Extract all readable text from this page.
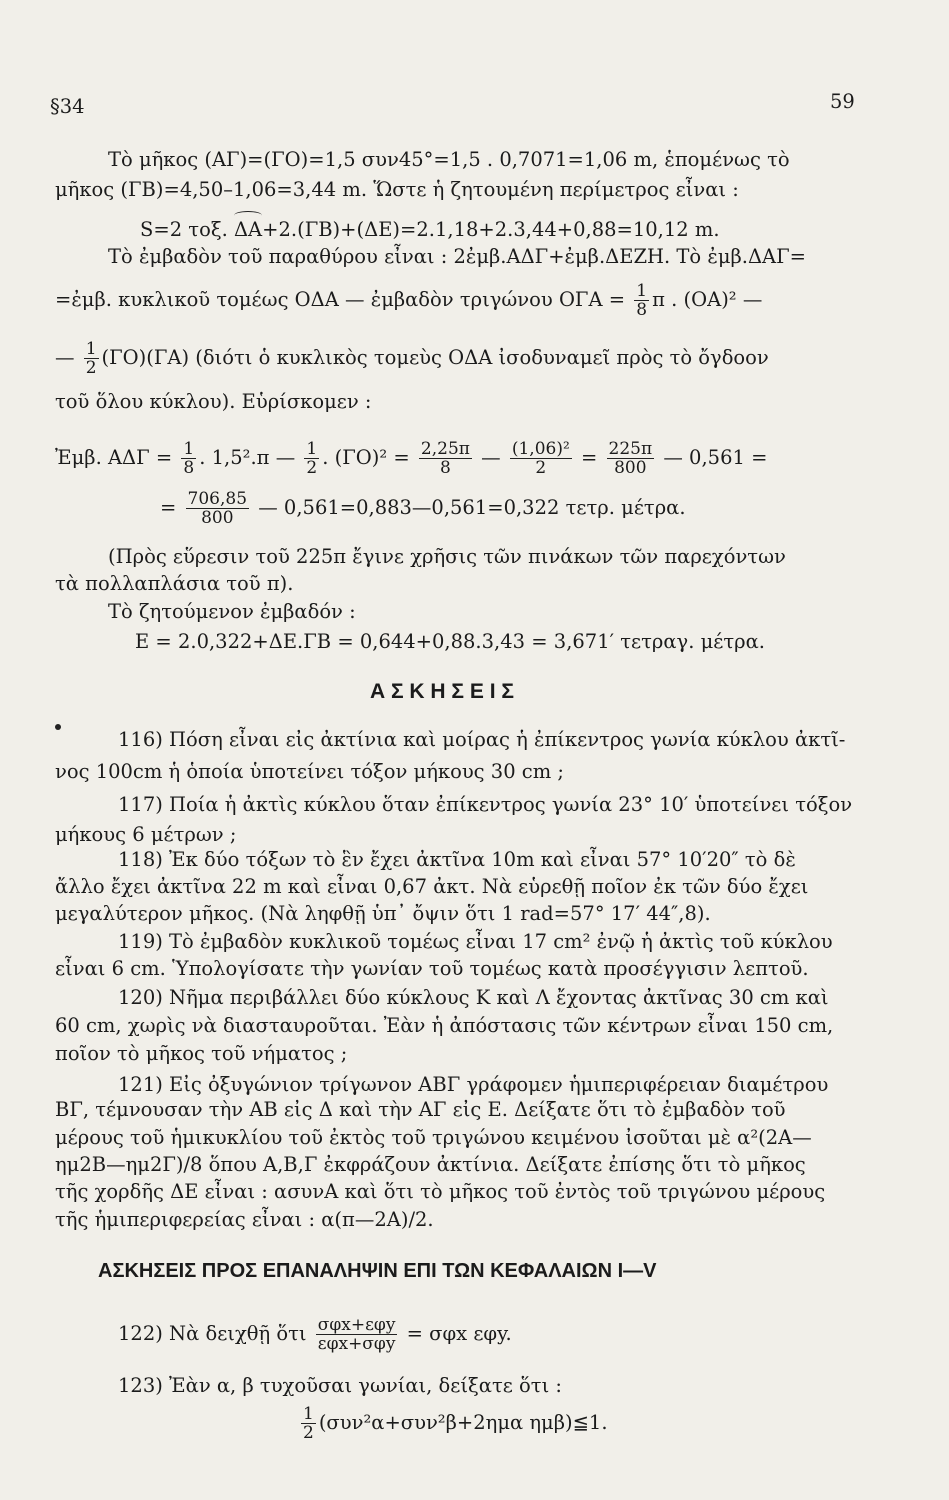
§34	59
Τὸ μῆκος (ΑΓ)=(ΓΟ)=1,5 συν45°=1,5 . 0,7071=1,06 m, ἑπομένως τὸ
μῆκος (ΓΒ)=4,50–1,06=3,44 m. Ὥστε ἡ ζητουμένη περίμετρος εἶναι :
S=2 τοξ. ΔΑ+2.(ΓΒ)+(ΔΕ)=2.1,18+2.3,44+0,88=10,12 m.
Τὸ ἐμβαδὸν τοῦ παραθύρου εἶναι : 2ἐμβ.ΑΔΓ+ἐμβ.ΔΕΖΗ. Τὸ ἐμβ.ΔΑΓ=
=ἐμβ. κυκλικοῦ τομέως ΟΔΑ — ἐμβαδὸν τριγώνου $O\Gamma A = \frac{1}{8}$ π . (ΟΑ)² —
— $\frac{1}{2} (\Gamma O)(\Gamma A)$ (διότι ὁ κυκλικὸς τομεὺς ΟΔΑ ἰσοδυναμεῖ πρὸς τὸ ὄγδοον
τοῦ ὅλου κύκλου). Εὑρίσκομεν :
Ἐμβ. $A\Delta\Gamma = \frac{1}{8}$ . 1,5².π — $\frac{1}{2}$ . $(\Gamma O)^2 = \frac{2,25\pi}{8}$ — $\frac{\text{(1,06)²}}{2} = \frac{225\pi}{800}$ — 0,561 =
= $\frac{706,85}{800}$ — 0,561=0,883—0,561=0,322 τετρ. μέτρα.
(Πρὸς εὕρεσιν τοῦ 225π ἔγινε χρῆσις τῶν πινάκων τῶν παρεχόντων
τὰ πολλαπλάσια τοῦ π).
Τὸ ζητούμενον ἐμβαδόν :
E = 2.0,322+ΔΕ.ΓΒ = 0,644+0,88.3,43 = 3,671′ τετραγ. μέτρα.
Α Σ Κ Η Σ Ε Ι Σ
116) Πόση εἶναι εἰς ἀκτίνια καὶ μοίρας ἡ ἐπίκεντρος γωνία κύκλου ἀκτῖ-
νος 100cm ἡ ὁποία ὑποτείνει τόξον μήκους 30 cm ;
117) Ποία ἡ ἀκτὶς κύκλου ὅταν ἐπίκεντρος γωνία 23° 10′ ὑποτείνει τόξον
μήκους 6 μέτρων ;
118) Ἐκ δύο τόξων τὸ ἓν ἔχει ἀκτῖνα 10m καὶ εἶναι 57° 10′20″ τὸ δὲ
ἄλλο ἔχει ἀκτῖνα 22 m καὶ εἶναι 0,67 ἀκτ. Νὰ εὑρεθῇ ποῖον ἐκ τῶν δύο ἔχει
μεγαλύτερον μῆκος. (Νὰ ληφθῇ ὑπ᾽ ὄψιν ὅτι 1 rad=57° 17′ 44″,8).
119) Τὸ ἐμβαδὸν κυκλικοῦ τομέως εἶναι 17 cm² ἐνῷ ἡ ἀκτὶς τοῦ κύκλου
εἶναι 6 cm. Ὑπολογίσατε τὴν γωνίαν τοῦ τομέως κατὰ προσέγγισιν λεπτοῦ.
120) Νῆμα περιβάλλει δύο κύκλους Κ καὶ Λ ἔχοντας ἀκτῖνας 30 cm καὶ
60 cm, χωρὶς νὰ διασταυροῦται. Ἐὰν ἡ ἀπόστασις τῶν κέντρων εἶναι 150 cm,
ποῖον τὸ μῆκος τοῦ νήματος ;
121) Εἰς ὀξυγώνιον τρίγωνον ΑΒΓ γράφομεν ἡμιπεριφέρειαν διαμέτρου
ΒΓ, τέμνουσαν τὴν ΑΒ εἰς Δ καὶ τὴν ΑΓ εἰς Ε. Δείξατε ὅτι τὸ ἐμβαδὸν τοῦ
μέρους τοῦ ἡμικυκλίου τοῦ ἐκτὸς τοῦ τριγώνου κειμένου ἰσοῦται μὲ α²(2Α—
ημ2Β—ημ2Γ)/8 ὅπου Α,Β,Γ ἐκφράζουν ἀκτίνια. Δείξατε ἐπίσης ὅτι τὸ μῆκος
τῆς χορδῆς ΔΕ εἶναι : ασυνΑ καὶ ὅτι τὸ μῆκος τοῦ ἐντὸς τοῦ τριγώνου μέρους
τῆς ἡμιπεριφερείας εἶναι : α(π—2Α)/2.
ΑΣΚΗΣΕΙΣ ΠΡΟΣ ΕΠΑΝΑΛΗΨΙΝ ΕΠΙ ΤΩΝ ΚΕΦΑΛΑΙΩΝ I—V
122) Νὰ δειχθῇ ὅτι $\frac{\text{σφx+εφy}}{\text{εφx+σφy}} = \sigma\varphi x$ εφy.
123) Ἐὰν α, β τυχοῦσαι γωνίαι, δείξατε ὅτι :
$\frac{1}{2} (\sigma\upsilon\nu^2\alpha+\sigma\upsilon\nu^2\beta+2\eta\mu\alpha$ ημβ)≦1.
